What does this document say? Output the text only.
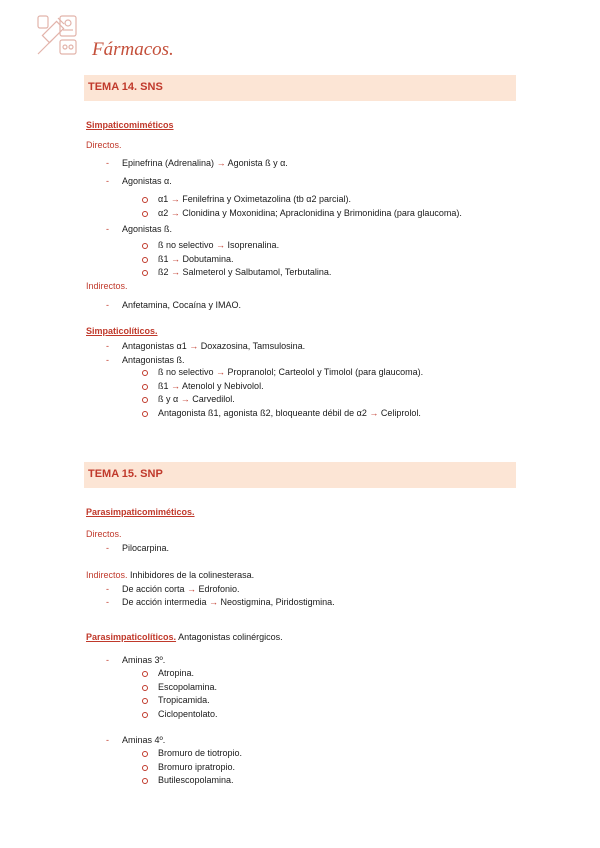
Fármacos.
TEMA 14. SNS
Simpaticomiméticos
Directos.
- Epinefrina (Adrenalina) → Agonista ß y α.
- Agonistas α.
α1 → Fenilefrina y Oximetazolina (tb α2 parcial).
α2 → Clonidina y Moxonidina; Apraclonidina y Brimonidina (para glaucoma).
- Agonistas ß.
ß no selectivo → Isoprenalina.
ß1 → Dobutamina.
ß2 → Salmeterol y Salbutamol, Terbutalina.
Indirectos.
- Anfetamina, Cocaína y IMAO.
Simpaticolíticos.
- Antagonistas α1 → Doxazosina, Tamsulosina.
- Antagonistas ß.
ß no selectivo → Propranolol; Carteolol y Timolol (para glaucoma).
ß1 → Atenolol y Nebivolol.
ß y α → Carvedilol.
Antagonista ß1, agonista ß2, bloqueante débil de α2 → Celiprolol.
TEMA 15. SNP
Parasimpaticomiméticos.
Directos.
- Pilocarpina.
Indirectos. Inhibidores de la colinesterasa.
- De acción corta → Edrofonio.
- De acción intermedia → Neostigmina, Piridostigmina.
Parasimpaticolíticos. Antagonistas colinérgicos.
- Aminas 3º.
Atropina.
Escopolamina.
Tropicamida.
Ciclopentolato.
- Aminas 4º.
Bromuro de tiotropio.
Bromuro ipratropio.
Butilescopolamina.
